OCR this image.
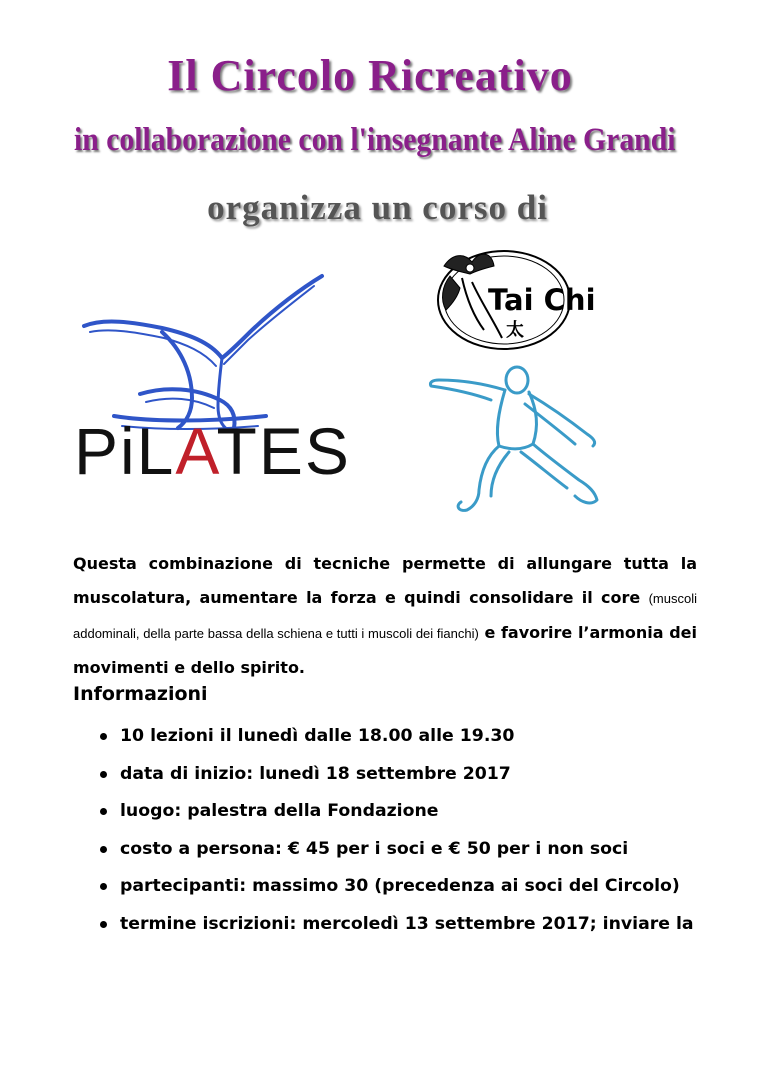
Il Circolo Ricreativo
in collaborazione con l'insegnante Aline Grandi
organizza un corso di
PiLATES
太
Tai Chi
Questa combinazione di tecniche permette di allungare tutta la muscolatura, aumentare la forza e quindi consolidare il core (muscoli addominali, della parte bassa della schiena e tutti i muscoli dei fianchi) e favorire l’armonia dei movimenti e dello spirito.
Informazioni
10 lezioni il lunedì dalle 18.00 alle 19.30
data di inizio: lunedì 18 settembre 2017
luogo: palestra della Fondazione
costo a persona: € 45 per i soci e € 50 per i non soci
partecipanti: massimo 30 (precedenza ai soci del Circolo)
termine iscrizioni: mercoledì 13 settembre 2017; inviare la
